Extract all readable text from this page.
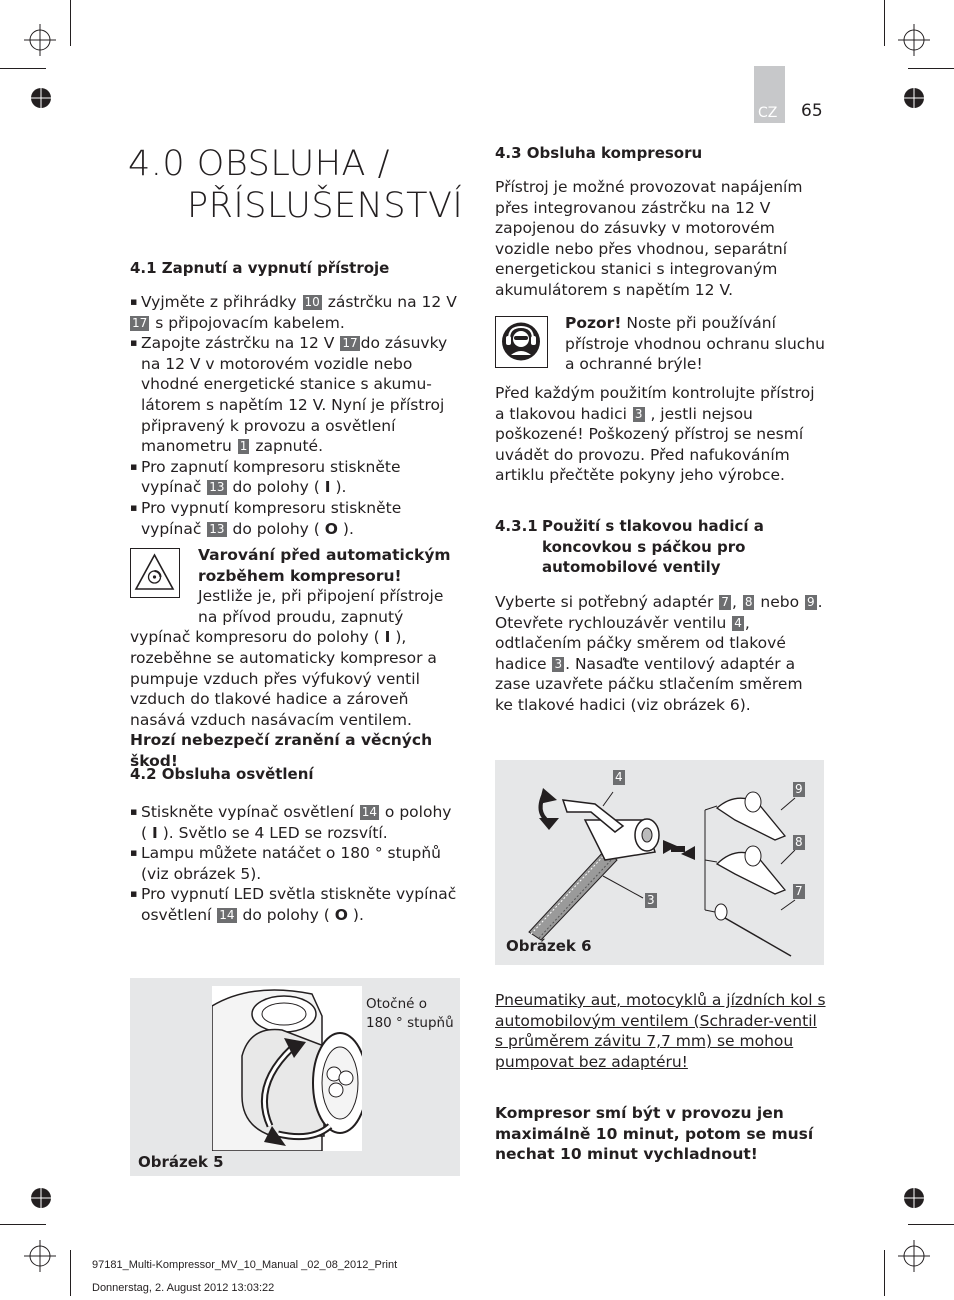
CZ 65
4.0 OBSLUHA /
PŘÍSLUŠENSTVÍ
4.1 Zapnutí a vypnutí přístroje
▪ Vyjměte z přihrádky 10 zástrčku na 12 V 17 s připojovacím kabelem.
▪ Zapojte zástrčku na 12 V 17 do zásuvky na 12 V v motorovém vozidle nebo vhodné energetické stanice s akumu-látorem s napětím 12 V. Nyní je přístroj připravený k provozu a osvětlení manometru 1 zapnuté.
▪ Pro zapnutí kompresoru stiskněte vypínač 13 do polohy ( I ).
▪ Pro vypnutí kompresoru stiskněte vypínač 13 do polohy ( O ).
Varování před automatickým rozběhem kompresoru! Jestliže je, při připojení přístroje na přívod proudu, zapnutý vypínač kompresoru do polohy ( I ), rozeběhne se automaticky kompresor a pumpuje vzduch přes výfukový ventil vzduch do tlakové hadice a zároveň nasává vzduch nasávacím ventilem. Hrozí nebezpečí zranění a věcných škod!
4.2 Obsluha osvětlení
▪ Stiskněte vypínač osvětlení 14 o polohy ( I ). Světlo se 4 LED se rozsvítí.
▪ Lampu můžete natáčet o 180 ° stupňů (viz obrázek 5).
▪ Pro vypnutí LED světla stiskněte vypínač osvětlení 14 do polohy ( O ).
Otočné o
180 ° stupňů
Obrázek 5
4.3 Obsluha kompresoru
Přístroj je možné provozovat napájením přes integrovanou zástrčku na 12 V zapojenou do zásuvky v motorovém vozidle nebo přes vhodnou, separátní energetickou stanici s integrovaným akumulátorem s napětím 12 V.
Pozor! Noste při používání přístroje vhodnou ochranu sluchu a ochranné brýle!
Před každým použitím kontrolujte přístroj a tlakovou hadici 3 , jestli nejsou poškozené! Poškozený přístroj se nesmí uvádět do provozu. Před nafukováním artiklu přečtěte pokyny jeho výrobce.
4.3.1 Použití s tlakovou hadicí a koncovkou s páčkou pro automobilové ventily
Vyberte si potřebný adaptér 7 , 8 nebo 9 . Otevřete rychlouzávěr ventilu 4 , odtlačením páčky směrem od tlakové hadice 3 . Nasaďte ventilový adaptér a zase uzavřete páčku stlačením směrem ke tlakové hadici (viz obrázek 6).
4
3
9
8
7
Obrázek 6
Pneumatiky aut, motocyklů a jízdních kol s automobilovým ventilem (Schrader-ventil s průměrem závitu 7,7 mm) se mohou pumpovat bez adaptéru!
Kompresor smí být v provozu jen maximálně 10 minut, potom se musí nechat 10 minut vychladnout!
97181_Multi-Kompressor_MV_10_Manual _02_08_2012_Print
Donnerstag, 2. August 2012 13:03:22
